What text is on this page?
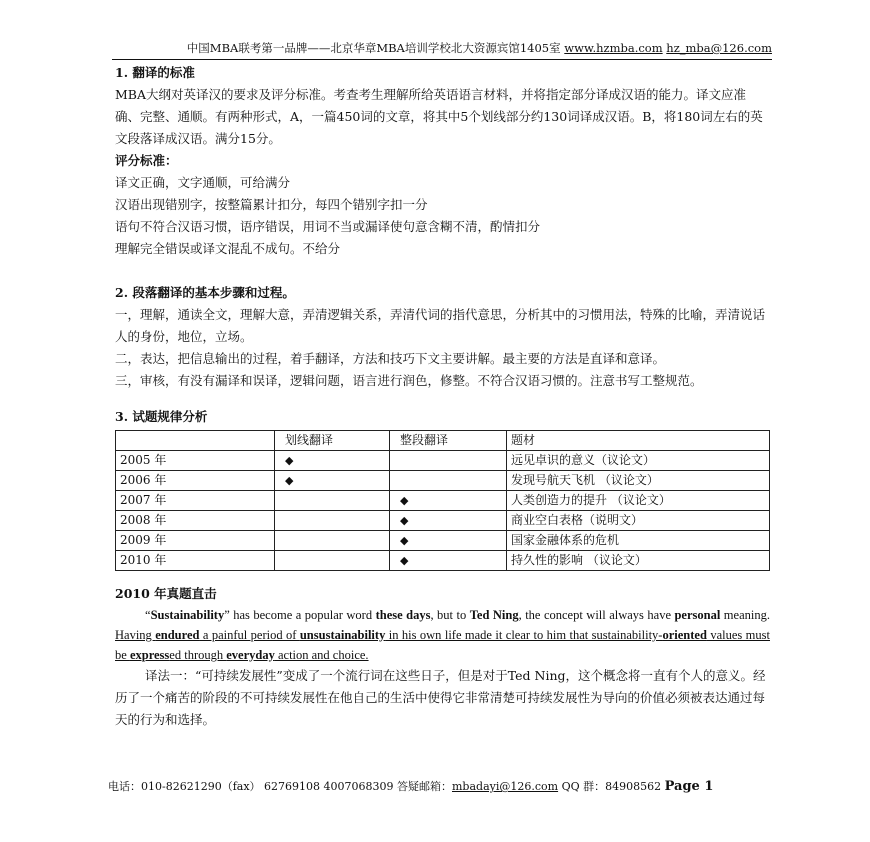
中国MBA联考第一品牌——北京华章MBA培训学校北大资源宾馆1405室 www.hzmba.com hz_mba@126.com

1. 翻译的标准

MBA大纲对英译汉的要求及评分标准。考查考生理解所给英语语言材料，并将指定部分译成汉语的能力。译文应准确、完整、通顺。有两种形式，A，一篇450词的文章，将其中5个划线部分约130词译成汉语。B，将180词左右的英文段落译成汉语。满分15分。

评分标准：

译文正确，文字通顺，可给满分

汉语出现错别字，按整篇累计扣分，每四个错别字扣一分

语句不符合汉语习惯，语序错误，用词不当或漏译使句意含糊不清，酌情扣分

理解完全错误或译文混乱不成句。不给分

2. 段落翻译的基本步骤和过程。

一，理解，通读全文，理解大意，弄清逻辑关系，弄清代词的指代意思，分析其中的习惯用法，特殊的比喻，弄清说话人的身份，地位，立场。

二，表达，把信息输出的过程，着手翻译，方法和技巧下文主要讲解。最主要的方法是直译和意译。

三，审核，有没有漏译和误译，逻辑问题，语言进行润色，修整。不符合汉语习惯的。注意书写工整规范。

3. 试题规律分析

	划线翻译	整段翻译	题材
2005 年	◆		远见卓识的意义（议论文）
2006 年	◆		发现号航天飞机 （议论文）
2007 年		◆	人类创造力的提升 （议论文）
2008 年		◆	商业空白表格（说明文）
2009 年		◆	国家金融体系的危机
2010 年		◆	持久性的影响 （议论文）

2010 年真题直击

“Sustainability” has become a popular word these days, but to Ted Ning, the concept will always have personal meaning. Having endured a painful period of unsustainability in his own life made it clear to him that sustainability-oriented values must be expressed through everyday action and choice.

译法一：“可持续发展性”变成了一个流行词在这些日子，但是对于Ted Ning，这个概念将一直有个人的意义。经历了一个痛苦的阶段的不可持续发展性在他自己的生活中使得它非常清楚可持续发展性为导向的价值必须被表达通过每天的行为和选择。

电话：010-82621290（fax） 62769108 4007068309 答疑邮箱：mbadayi@126.com QQ 群：84908562 Page 1
